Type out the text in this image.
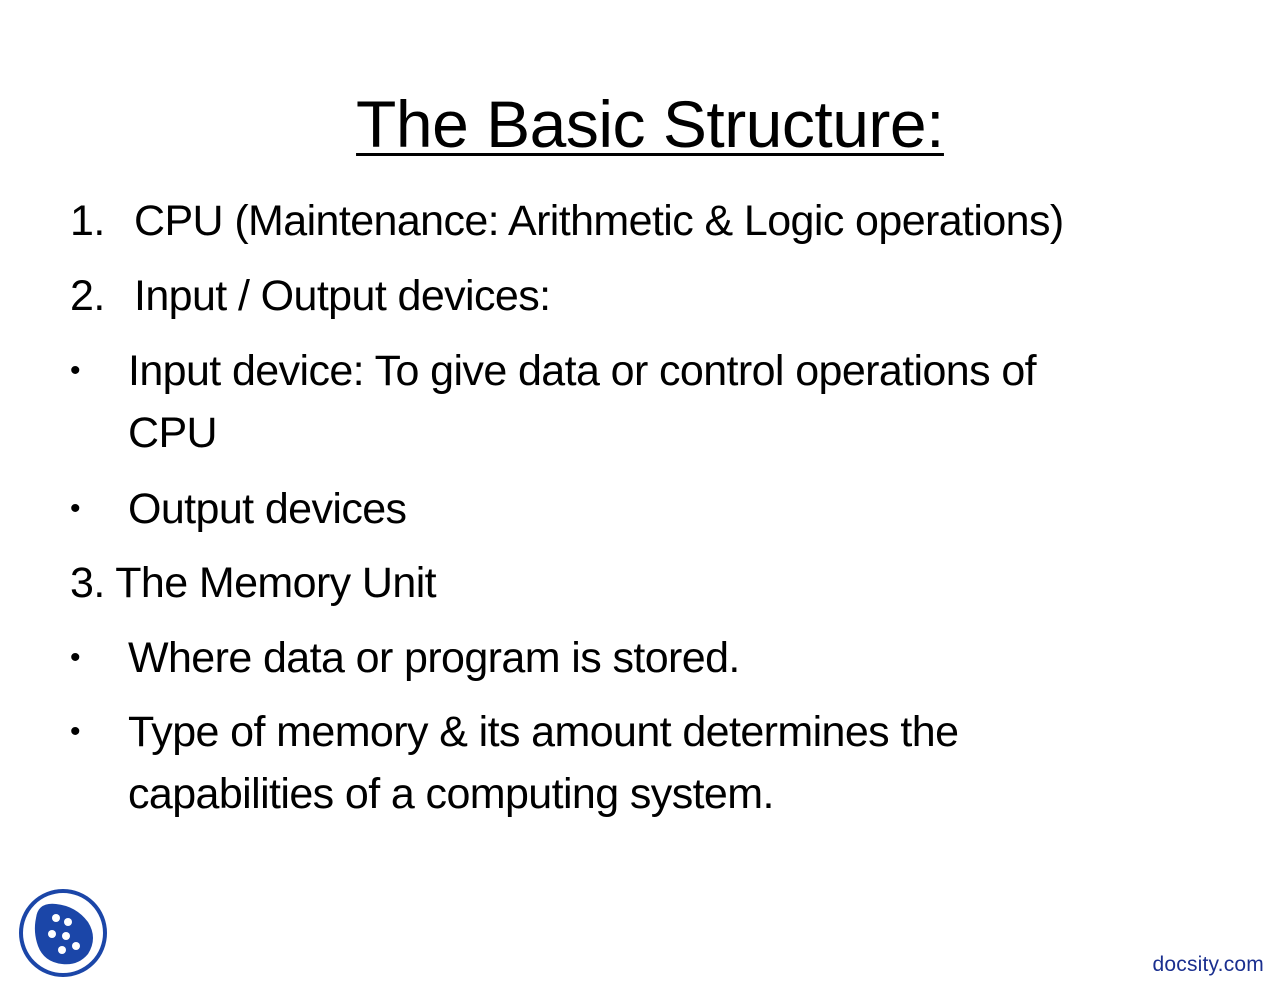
The Basic Structure:
1. CPU (Maintenance: Arithmetic & Logic operations)
2. Input / Output devices:
•	Input device: To give data or control operations of
CPU
•	Output devices
3. The Memory Unit
•	Where data or program is stored.
•	Type of memory & its amount determines the
capabilities of a computing system.
docsity.com
